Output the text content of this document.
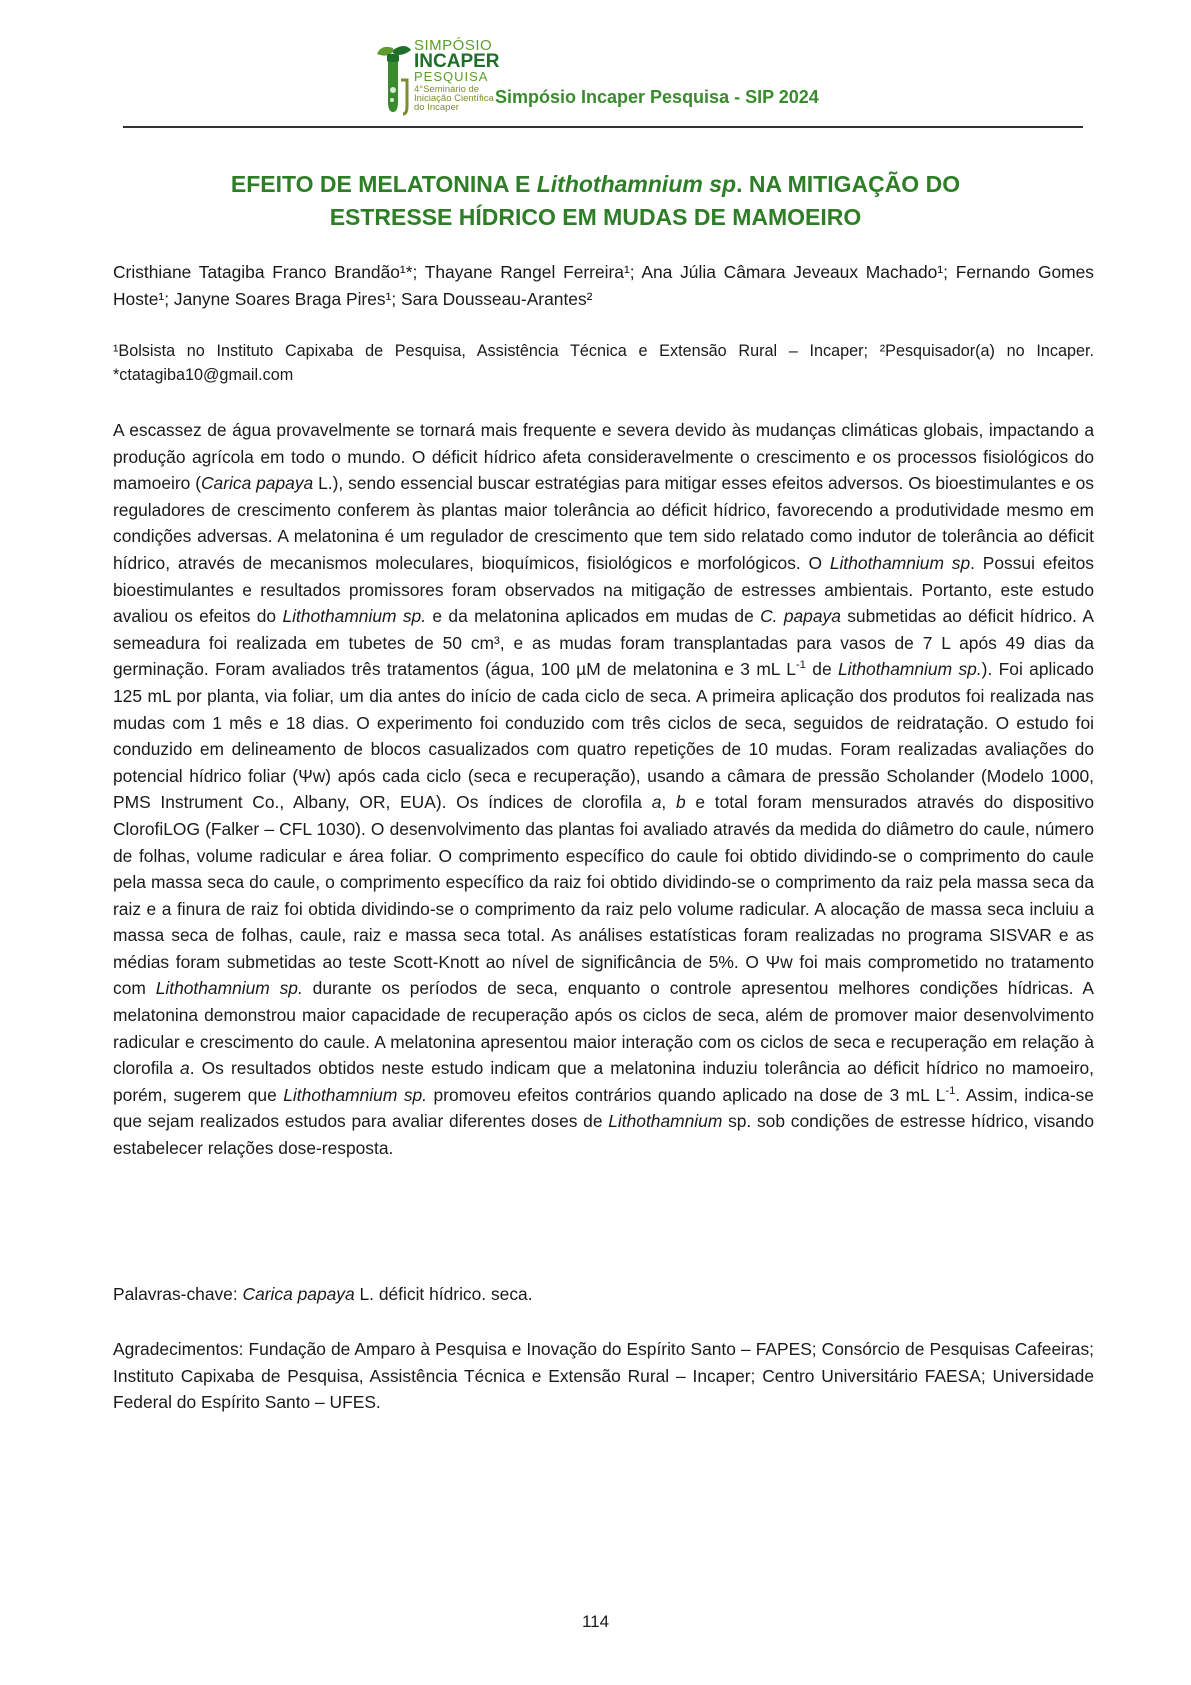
SIMPÓSIO
INCAPER
PESQUISA
4°Seminário de
Iniciação Científica
do Incaper
Simpósio Incaper Pesquisa - SIP 2024
EFEITO DE MELATONINA E Lithothamnium sp. NA MITIGAÇÃO DO
ESTRESSE HÍDRICO EM MUDAS DE MAMOEIRO

Cristhiane Tatagiba Franco Brandão¹*; Thayane Rangel Ferreira¹; Ana Júlia Câmara Jeveaux Machado¹; Fernando Gomes Hoste¹; Janyne Soares Braga Pires¹; Sara Dousseau-Arantes²

¹Bolsista no Instituto Capixaba de Pesquisa, Assistência Técnica e Extensão Rural – Incaper; ²Pesquisador(a) no Incaper. *ctatagiba10@gmail.com

A escassez de água provavelmente se tornará mais frequente e severa devido às mudanças climáticas globais, impactando a produção agrícola em todo o mundo. O déficit hídrico afeta consideravelmente o crescimento e os processos fisiológicos do mamoeiro (Carica papaya L.), sendo essencial buscar estratégias para mitigar esses efeitos adversos. Os bioestimulantes e os reguladores de crescimento conferem às plantas maior tolerância ao déficit hídrico, favorecendo a produtividade mesmo em condições adversas. A melatonina é um regulador de crescimento que tem sido relatado como indutor de tolerância ao déficit hídrico, através de mecanismos moleculares, bioquímicos, fisiológicos e morfológicos. O Lithothamnium sp. Possui efeitos bioestimulantes e resultados promissores foram observados na mitigação de estresses ambientais. Portanto, este estudo avaliou os efeitos do Lithothamnium sp. e da melatonina aplicados em mudas de C. papaya submetidas ao déficit hídrico. A semeadura foi realizada em tubetes de 50 cm³, e as mudas foram transplantadas para vasos de 7 L após 49 dias da germinação. Foram avaliados três tratamentos (água, 100 µM de melatonina e 3 mL $L^{-1}$ de Lithothamnium sp.). Foi aplicado 125 mL por planta, via foliar, um dia antes do início de cada ciclo de seca. A primeira aplicação dos produtos foi realizada nas mudas com 1 mês e 18 dias. O experimento foi conduzido com três ciclos de seca, seguidos de reidratação. O estudo foi conduzido em delineamento de blocos casualizados com quatro repetições de 10 mudas. Foram realizadas avaliações do potencial hídrico foliar (Ψw) após cada ciclo (seca e recuperação), usando a câmara de pressão Scholander (Modelo 1000, PMS Instrument Co., Albany, OR, EUA). Os índices de clorofila a, b e total foram mensurados através do dispositivo ClorofiLOG (Falker – CFL 1030). O desenvolvimento das plantas foi avaliado através da medida do diâmetro do caule, número de folhas, volume radicular e área foliar. O comprimento específico do caule foi obtido dividindo-se o comprimento do caule pela massa seca do caule, o comprimento específico da raiz foi obtido dividindo-se o comprimento da raiz pela massa seca da raiz e a finura de raiz foi obtida dividindo-se o comprimento da raiz pelo volume radicular. A alocação de massa seca incluiu a massa seca de folhas, caule, raiz e massa seca total. As análises estatísticas foram realizadas no programa SISVAR e as médias foram submetidas ao teste Scott-Knott ao nível de significância de 5%. O Ψw foi mais comprometido no tratamento com Lithothamnium sp. durante os períodos de seca, enquanto o controle apresentou melhores condições hídricas. A melatonina demonstrou maior capacidade de recuperação após os ciclos de seca, além de promover maior desenvolvimento radicular e crescimento do caule. A melatonina apresentou maior interação com os ciclos de seca e recuperação em relação à clorofila a. Os resultados obtidos neste estudo indicam que a melatonina induziu tolerância ao déficit hídrico no mamoeiro, porém, sugerem que Lithothamnium sp. promoveu efeitos contrários quando aplicado na dose de 3 mL $L^{-1}$. Assim, indica-se que sejam realizados estudos para avaliar diferentes doses de Lithothamnium sp. sob condições de estresse hídrico, visando estabelecer relações dose-resposta.

Palavras-chave: Carica papaya L. déficit hídrico. seca.

Agradecimentos: Fundação de Amparo à Pesquisa e Inovação do Espírito Santo – FAPES; Consórcio de Pesquisas Cafeeiras; Instituto Capixaba de Pesquisa, Assistência Técnica e Extensão Rural – Incaper; Centro Universitário FAESA; Universidade Federal do Espírito Santo – UFES.

114
